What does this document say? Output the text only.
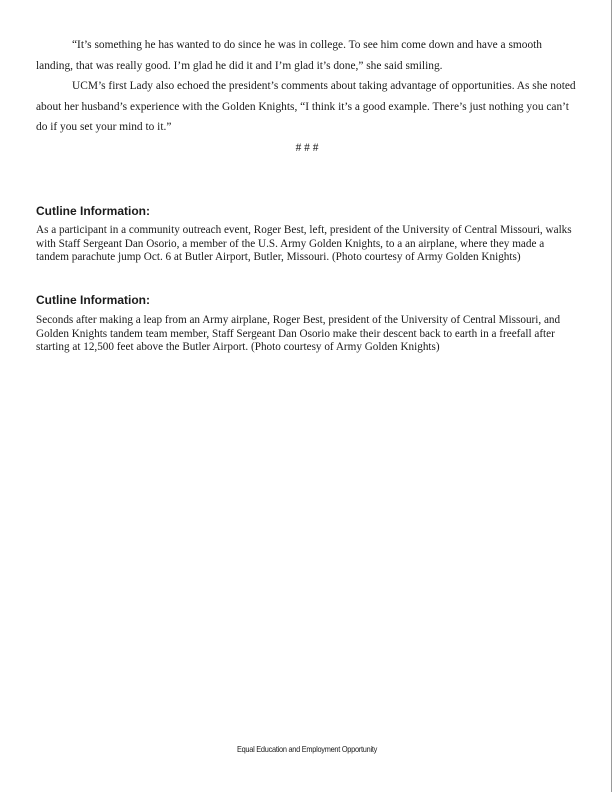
“It’s something he has wanted to do since he was in college. To see him come down and have a smooth landing, that was really good. I’m glad he did it and I’m glad it’s done,” she said smiling.

UCM’s first Lady also echoed the president’s comments about taking advantage of opportunities. As she noted about her husband’s experience with the Golden Knights, “I think it’s a good example. There’s just nothing you can’t do if you set your mind to it.”

# # #

Cutline Information:

As a participant in a community outreach event, Roger Best, left, president of the University of Central Missouri, walks with Staff Sergeant Dan Osorio, a member of the U.S. Army Golden Knights, to a an airplane, where they made a tandem parachute jump Oct. 6 at Butler Airport, Butler, Missouri. (Photo courtesy of Army Golden Knights)

Cutline Information:

Seconds after making a leap from an Army airplane, Roger Best, president of the University of Central Missouri, and Golden Knights tandem team member, Staff Sergeant Dan Osorio make their descent back to earth in a freefall after starting at 12,500 feet above the Butler Airport. (Photo courtesy of Army Golden Knights)

Equal Education and Employment Opportunity
